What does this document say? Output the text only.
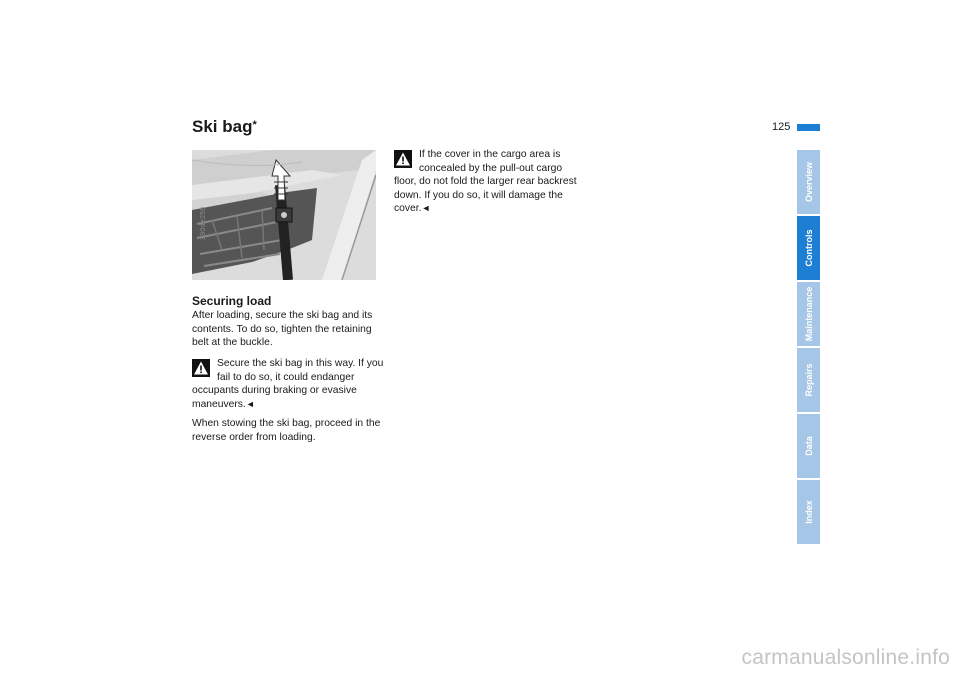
125
Ski bag*
390de256
Securing load

After loading, secure the ski bag and its contents. To do so, tighten the retaining belt at the buckle.

Secure the ski bag in this way. If you fail to do so, it could endanger occupants during braking or evasive maneuvers.◄

When stowing the ski bag, proceed in the reverse order from loading.

If the cover in the cargo area is concealed by the pull-out cargo floor, do not fold the larger rear backrest down. If you do so, it will damage the cover.◄

Overview
Controls
Maintenance
Repairs
Data
Index
carmanualsonline.info
